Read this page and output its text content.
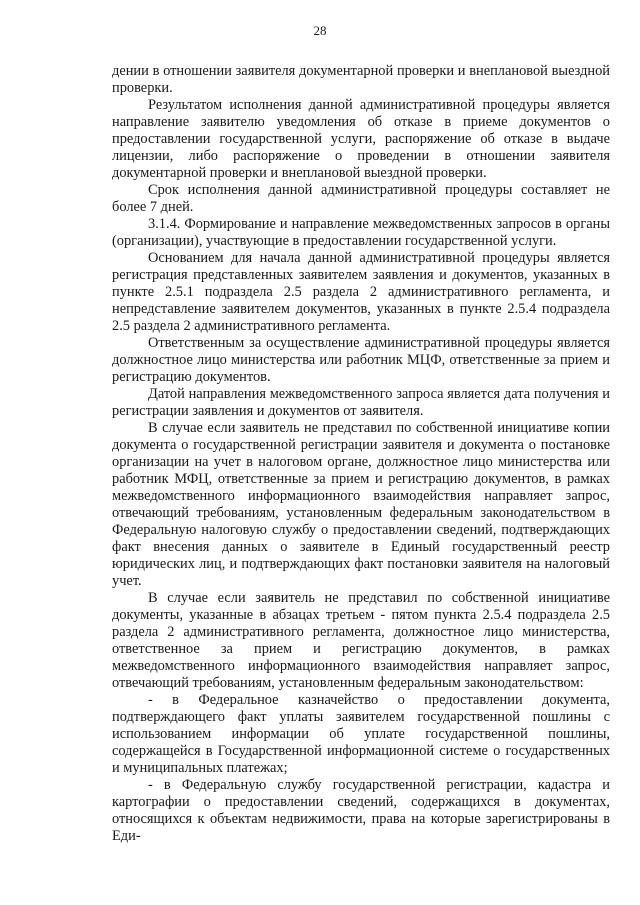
28

дении в отношении заявителя документарной проверки и внеплановой выездной проверки.

Результатом исполнения данной административной процедуры является направление заявителю уведомления об отказе в приеме документов о предоставлении государственной услуги, распоряжение об отказе в выдаче лицензии, либо распоряжение о проведении в отношении заявителя документарной проверки и внеплановой выездной проверки.

Срок исполнения данной административной процедуры составляет не более 7 дней.

3.1.4. Формирование и направление межведомственных запросов в органы (организации), участвующие в предоставлении государственной услуги.

Основанием для начала данной административной процедуры является регистрация представленных заявителем заявления и документов, указанных в пункте 2.5.1 подраздела 2.5 раздела 2 административного регламента, и непредставление заявителем документов, указанных в пункте 2.5.4 подраздела 2.5 раздела 2 административного регламента.

Ответственным за осуществление административной процедуры является должностное лицо министерства или работник МЦФ, ответственные за прием и регистрацию документов.

Датой направления межведомственного запроса является дата получения и регистрации заявления и документов от заявителя.

В случае если заявитель не представил по собственной инициативе копии документа о государственной регистрации заявителя и документа о постановке организации на учет в налоговом органе, должностное лицо министерства или работник МФЦ, ответственные за прием и регистрацию документов, в рамках межведомственного информационного взаимодействия направляет запрос, отвечающий требованиям, установленным федеральным законодательством в Федеральную налоговую службу о предоставлении сведений, подтверждающих факт внесения данных о заявителе в Единый государственный реестр юридических лиц, и подтверждающих факт постановки заявителя на налоговый учет.

В случае если заявитель не представил по собственной инициативе документы, указанные в абзацах третьем - пятом пункта 2.5.4 подраздела 2.5 раздела 2 административного регламента, должностное лицо министерства, ответственное за прием и регистрацию документов, в рамках межведомственного информационного взаимодействия направляет запрос, отвечающий требованиям, установленным федеральным законодательством:

- в Федеральное казначейство о предоставлении документа, подтверждающего факт уплаты заявителем государственной пошлины с использованием информации об уплате государственной пошлины, содержащейся в Государственной информационной системе о государственных и муниципальных платежах;

- в Федеральную службу государственной регистрации, кадастра и картографии о предоставлении сведений, содержащихся в документах, относящихся к объектам недвижимости, права на которые зарегистрированы в Еди-
